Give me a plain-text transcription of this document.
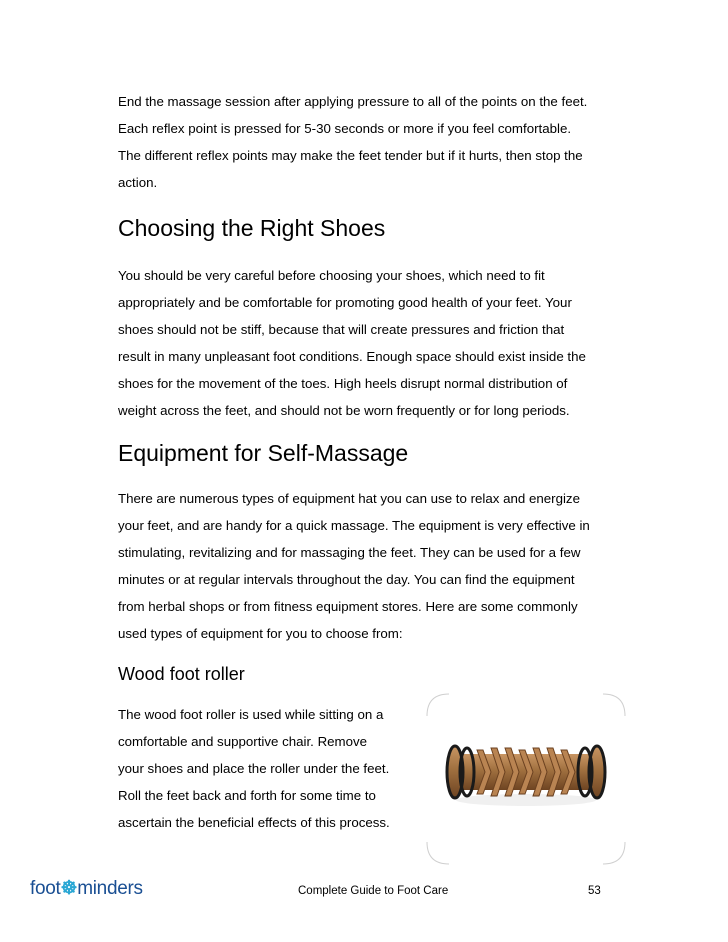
End the massage session after applying pressure to all of the points on the feet.
Each reflex point is pressed for 5-30 seconds or more if you feel comfortable.
The different reflex points may make the feet tender but if it hurts, then stop the
action.

Choosing the Right Shoes

You should be very careful before choosing your shoes, which need to fit
appropriately and be comfortable for promoting good health of your feet. Your
shoes should not be stiff, because that will create pressures and friction that
result in many unpleasant foot conditions. Enough space should exist inside the
shoes for the movement of the toes. High heels disrupt normal distribution of
weight across the feet, and should not be worn frequently or for long periods.

Equipment for Self-Massage

There are numerous types of equipment hat you can use to relax and energize
your feet, and are handy for a quick massage. The equipment is very effective in
stimulating, revitalizing and for massaging the feet. They can be used for a few
minutes or at regular intervals throughout the day. You can find the equipment
from herbal shops or from fitness equipment stores. Here are some commonly
used types of equipment for you to choose from:

Wood foot roller

The wood foot roller is used while sitting on a
comfortable and supportive chair. Remove
your shoes and place the roller under the feet.
Roll the feet back and forth for some time to
ascertain the beneficial effects of this process.

foot☸minders	Complete Guide to Foot Care	53
